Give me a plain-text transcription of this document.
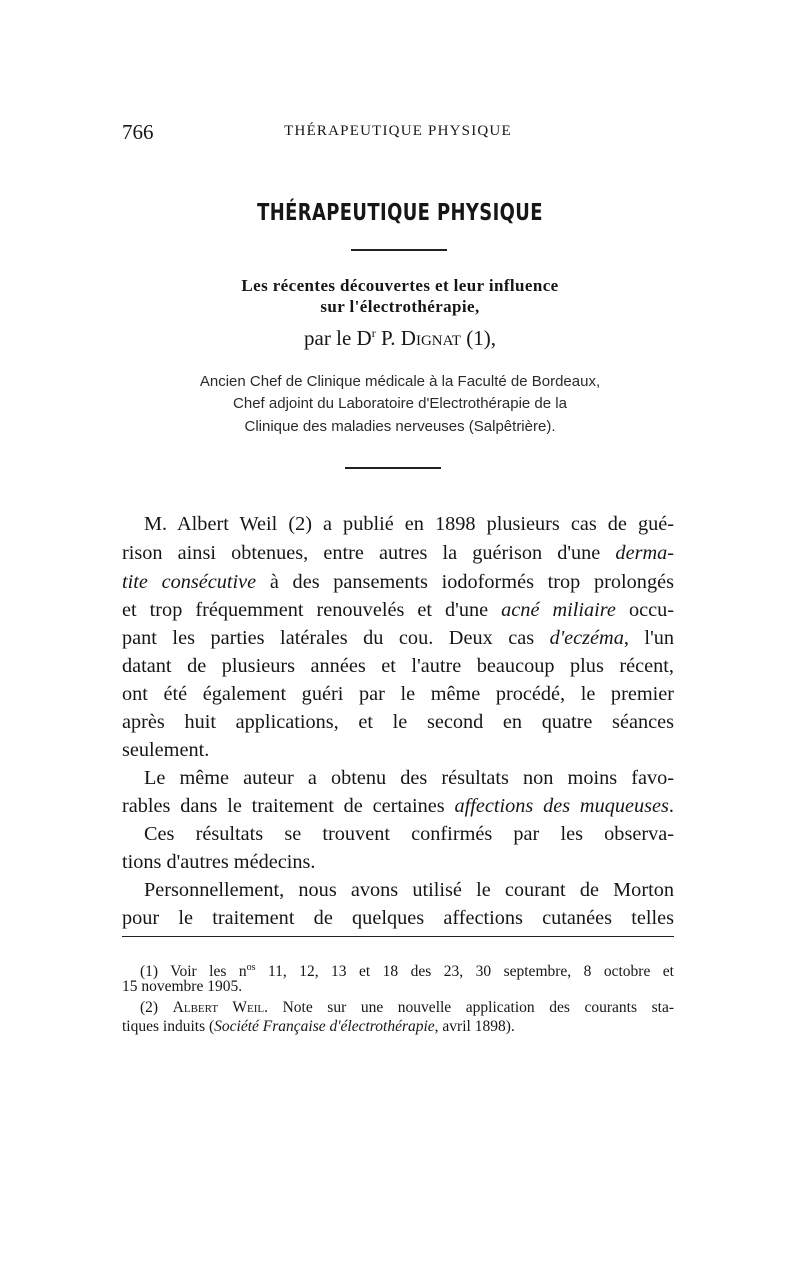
766	THÉRAPEUTIQUE PHYSIQUE
THÉRAPEUTIQUE PHYSIQUE
Les récentes découvertes et leur influence
sur l'électrothérapie,
par le $D^r$ P. Dignat (1),
Ancien Chef de Clinique médicale à la Faculté de Bordeaux,
Chef adjoint du Laboratoire d'Electrothérapie de la
Clinique des maladies nerveuses (Salpêtrière).
M. Albert Weil (2) a publié en 1898 plusieurs cas de gué-
rison ainsi obtenues, entre autres la guérison d'une derma-
tite consécutive à des pansements iodoformés trop prolongés
et trop fréquemment renouvelés et d'une acné miliaire occu-
pant les parties latérales du cou. Deux cas d'eczéma, l'un
datant de plusieurs années et l'autre beaucoup plus récent,
ont été également guéri par le même procédé, le premier
après huit applications, et le second en quatre séances
seulement.
Le même auteur a obtenu des résultats non moins favo-
rables dans le traitement de certaines affections des muqueuses.
Ces résultats se trouvent confirmés par les observa-
tions d'autres médecins.
Personnellement, nous avons utilisé le courant de Morton
pour le traitement de quelques affections cutanées telles
(1) Voir les $n^{os}$ 11, 12, 13 et 18 des 23, 30 septembre, 8 octobre et
15 novembre 1905.
(2) Albert Weil. Note sur une nouvelle application des courants sta-
tiques induits (Société Française d'électrothérapie, avril 1898).
